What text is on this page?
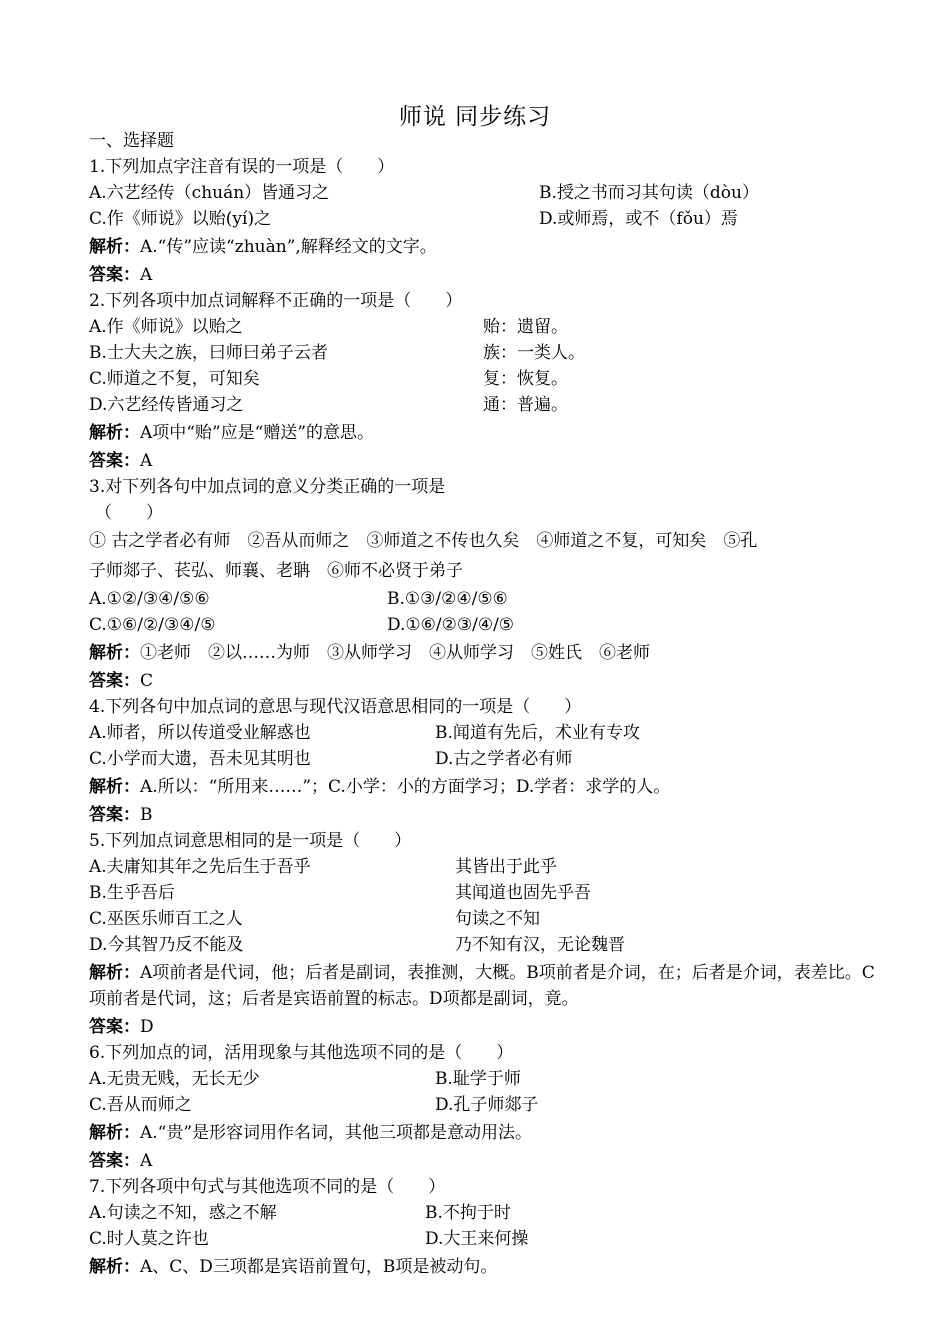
师说 同步练习
一、选择题
1.下列加点字注音有误的一项是（　　）
A.六艺经传（chuán）皆通习之	B.授之书而习其句读（dòu）
C.作《师说》以贻(yí)之	D.或师焉，或不（fǒu）焉
解析：A.“传”应读“zhuàn”,解释经文的文字。
答案：A
2.下列各项中加点词解释不正确的一项是（　　）
A.作《师说》以贻之	贻：遗留。
B.士大夫之族，曰师曰弟子云者	族：一类人。
C.师道之不复，可知矣	复：恢复。
D.六艺经传皆通习之	通：普遍。
解析：A项中“贻”应是“赠送”的意思。
答案：A
3.对下列各句中加点词的意义分类正确的一项是
（　　）
① 古之学者必有师　②吾从而师之　③师道之不传也久矣　④师道之不复，可知矣　⑤孔
子师郯子、苌弘、师襄、老聃　⑥师不必贤于弟子
A.①②/③④/⑤⑥	B.①③/②④/⑤⑥
C.①⑥/②/③④/⑤	D.①⑥/②③/④/⑤
解析：①老师　②以……为师　③从师学习　④从师学习　⑤姓氏　⑥老师
答案：C
4.下列各句中加点词的意思与现代汉语意思相同的一项是（　　）
A.师者，所以传道受业解惑也	B.闻道有先后，术业有专攻
C.小学而大遗，吾未见其明也	D.古之学者必有师
解析：A.所以：“所用来……”；C.小学：小的方面学习；D.学者：求学的人。
答案：B
5.下列加点词意思相同的是一项是（　　）
A.夫庸知其年之先后生于吾乎	其皆出于此乎
B.生乎吾后	其闻道也固先乎吾
C.巫医乐师百工之人	句读之不知
D.今其智乃反不能及	乃不知有汉，无论魏晋
解析：A项前者是代词，他；后者是副词，表推测，大概。B项前者是介词，在；后者是介词，表差比。C项前者是代词，这；后者是宾语前置的标志。D项都是副词，竟。
答案：D
6.下列加点的词，活用现象与其他选项不同的是（　　）
A.无贵无贱，无长无少	B.耻学于师
C.吾从而师之	D.孔子师郯子
解析：A.“贵”是形容词用作名词，其他三项都是意动用法。
答案：A
7.下列各项中句式与其他选项不同的是（　　）
A.句读之不知，惑之不解	B.不拘于时
C.时人莫之许也	D.大王来何操
解析：A、C、D三项都是宾语前置句，B项是被动句。
